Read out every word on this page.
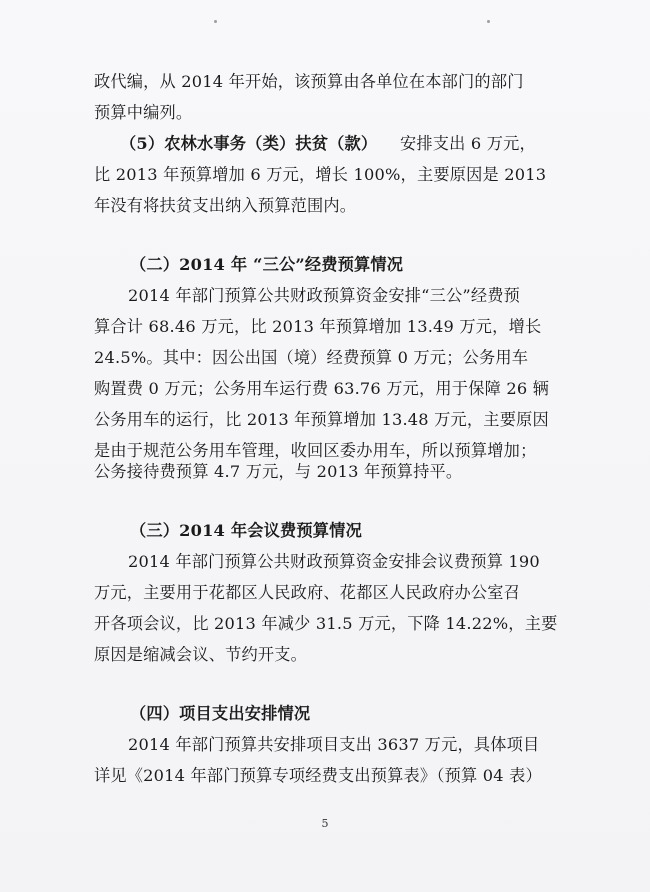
政代编，从 2014 年开始，该预算由各单位在本部门的部门
预算中编列。
（5）农林水事务（类）扶贫（款） 安排支出 6 万元，
比 2013 年预算增加 6 万元，增长 100%，主要原因是 2013
年没有将扶贫支出纳入预算范围内。
（二）2014 年 “三公”经费预算情况
2014 年部门预算公共财政预算资金安排“三公”经费预
算合计 68.46 万元，比 2013 年预算增加 13.49 万元，增长
24.5%。其中：因公出国（境）经费预算 0 万元；公务用车
购置费 0 万元；公务用车运行费 63.76 万元，用于保障 26 辆
公务用车的运行，比 2013 年预算增加 13.48 万元，主要原因
是由于规范公务用车管理，收回区委办用车，所以预算增加；
公务接待费预算 4.7 万元，与 2013 年预算持平。
（三）2014 年会议费预算情况
2014 年部门预算公共财政预算资金安排会议费预算 190
万元，主要用于花都区人民政府、花都区人民政府办公室召
开各项会议，比 2013 年减少 31.5 万元，下降 14.22%，主要
原因是缩减会议、节约开支。
（四）项目支出安排情况
2014 年部门预算共安排项目支出 3637 万元，具体项目
详见《2014 年部门预算专项经费支出预算表》（预算 04 表）
5
